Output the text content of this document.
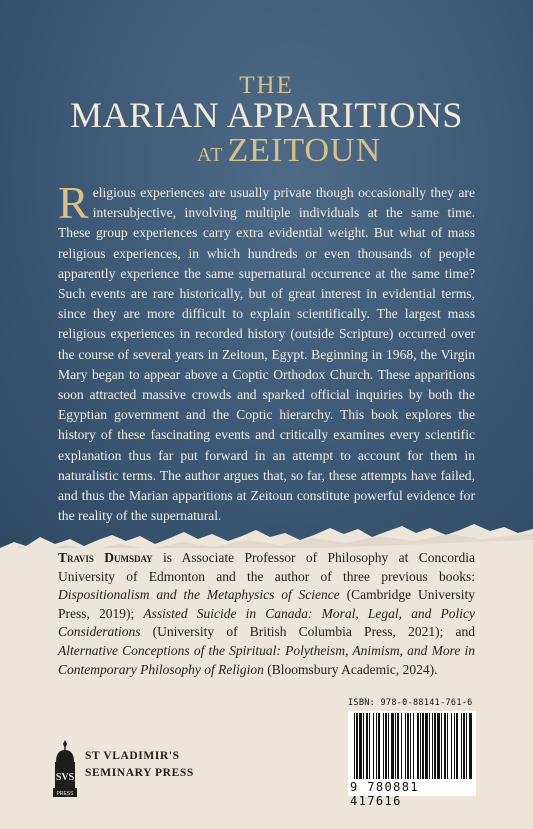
THE
MARIAN APPARITIONS
AT ZEITOUN
Religious experiences are usually private though occasionally they are intersubjective, involving multiple individuals at the same time. These group experiences carry extra evidential weight. But what of mass religious experiences, in which hundreds or even thousands of people apparently experience the same supernatural occurrence at the same time? Such events are rare historically, but of great interest in evidential terms, since they are more difficult to explain scientifically. The largest mass religious experiences in recorded history (outside Scripture) occurred over the course of several years in Zeitoun, Egypt. Beginning in 1968, the Virgin Mary began to appear above a Coptic Orthodox Church. These apparitions soon attracted massive crowds and sparked official inquiries by both the Egyptian government and the Coptic hierarchy. This book explores the history of these fascinating events and critically examines every scientific explanation thus far put forward in an attempt to account for them in naturalistic terms. The author argues that, so far, these attempts have failed, and thus the Marian apparitions at Zeitoun constitute powerful evidence for the reality of the supernatural.
Travis Dumsday is Associate Professor of Philosophy at Concordia University of Edmonton and the author of three previous books: Dispositionalism and the Metaphysics of Science (Cambridge University Press, 2019); Assisted Suicide in Canada: Moral, Legal, and Policy Considerations (University of British Columbia Press, 2021); and Alternative Conceptions of the Spiritual: Polytheism, Animism, and More in Contemporary Philosophy of Religion (Bloomsbury Academic, 2024).
SVS
PRESS
ST VLADIMIR'S
SEMINARY PRESS
ISBN: 978-0-88141-761-6
9 780881 417616
